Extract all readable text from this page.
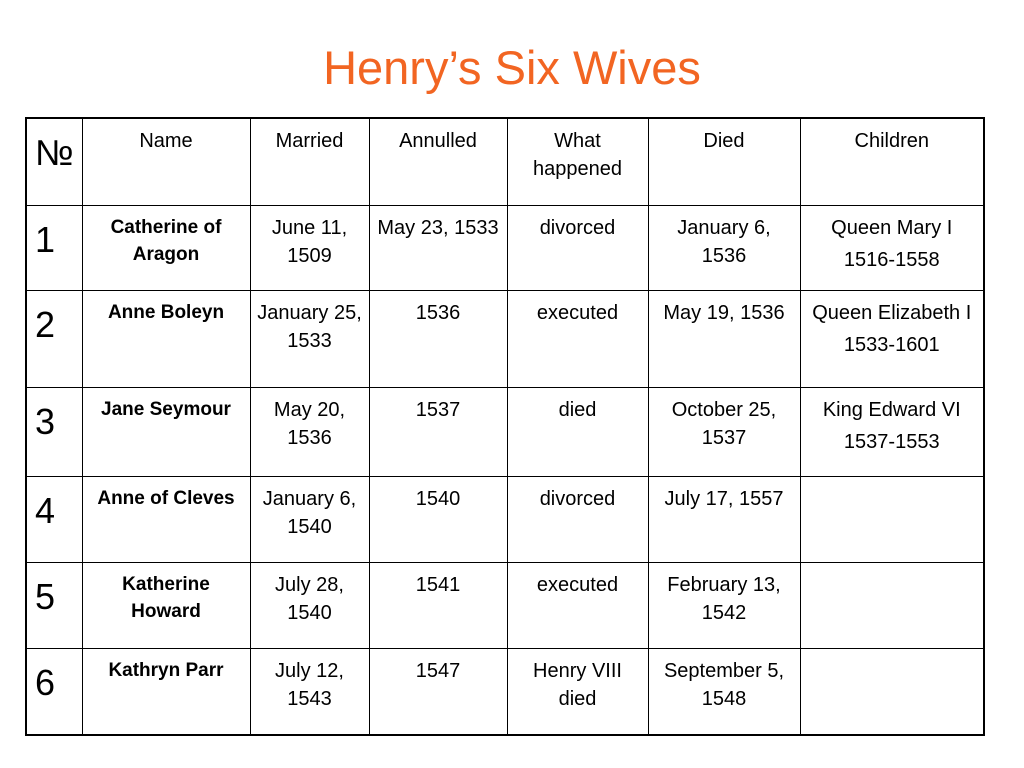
Henry’s Six Wives
№	Name	Married	Annulled	What happened	Died	Children
1	Catherine of Aragon	June 11, 1509	May 23, 1533	divorced	January 6, 1536	Queen Mary I
1516-1558

2	Anne Boleyn	January 25, 1533	1536	executed	May 19, 1536	Queen Elizabeth I
1533-1601

3	Jane Seymour	May 20, 1536	1537	died	October 25, 1537	King Edward VI
1537-1553

4	Anne of Cleves	January 6, 1540	1540	divorced	July 17, 1557	

5	Katherine Howard	July 28, 1540	1541	executed	February 13, 1542	

6	Kathryn Parr	July 12, 1543	1547	Henry VIII died	September 5, 1548	
